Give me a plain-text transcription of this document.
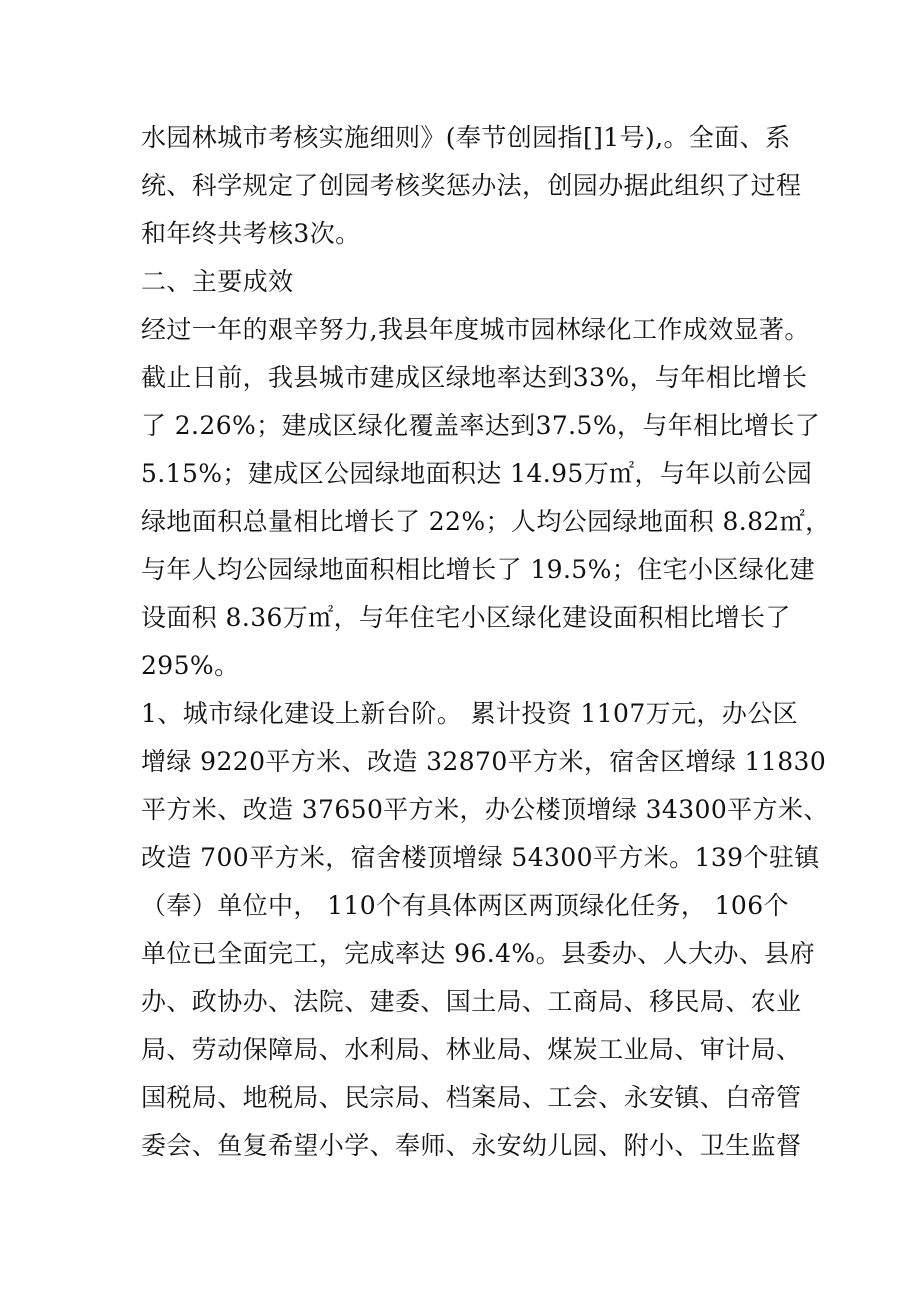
水园林城市考核实施细则》(奉节创园指[]1号),。全面、系
统、科学规定了创园考核奖惩办法，创园办据此组织了过程
和年终共考核3次。
二、主要成效
经过一年的艰辛努力,我县年度城市园林绿化工作成效显著。
截止日前，我县城市建成区绿地率达到33%，与年相比增长
了 2.26%；建成区绿化覆盖率达到37.5%，与年相比增长了
5.15%；建成区公园绿地面积达 14.95万㎡，与年以前公园
绿地面积总量相比增长了 22%；人均公园绿地面积 8.82㎡，
与年人均公园绿地面积相比增长了 19.5%；住宅小区绿化建
设面积 8.36万㎡，与年住宅小区绿化建设面积相比增长了
295%。
1、城市绿化建设上新台阶。 累计投资 1107万元，办公区
增绿 9220平方米、改造 32870平方米，宿舍区增绿 11830
平方米、改造 37650平方米，办公楼顶增绿 34300平方米、
改造 700平方米，宿舍楼顶增绿 54300平方米。139个驻镇
（奉）单位中， 110个有具体两区两顶绿化任务， 106个
单位已全面完工，完成率达 96.4%。县委办、人大办、县府
办、政协办、法院、建委、国土局、工商局、移民局、农业
局、劳动保障局、水利局、林业局、煤炭工业局、审计局、
国税局、地税局、民宗局、档案局、工会、永安镇、白帝管
委会、鱼复希望小学、奉师、永安幼儿园、附小、卫生监督
